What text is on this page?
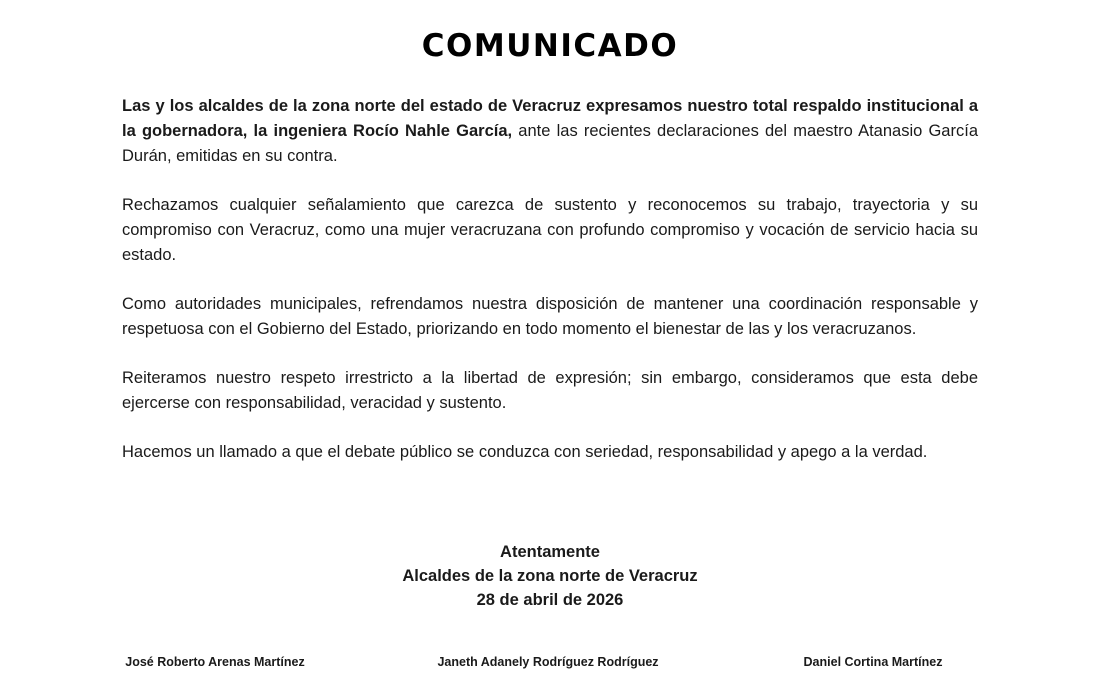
COMUNICADO

Las y los alcaldes de la zona norte del estado de Veracruz expresamos nuestro total respaldo institucional a la gobernadora, la ingeniera Rocío Nahle García, ante las recientes declaraciones del maestro Atanasio García Durán, emitidas en su contra.

Rechazamos cualquier señalamiento que carezca de sustento y reconocemos su trabajo, trayectoria y su compromiso con Veracruz, como una mujer veracruzana con profundo compromiso y vocación de servicio hacia su estado.

Como autoridades municipales, refrendamos nuestra disposición de mantener una coordinación responsable y respetuosa con el Gobierno del Estado, priorizando en todo momento el bienestar de las y los veracruzanos.

Reiteramos nuestro respeto irrestricto a la libertad de expresión; sin embargo, consideramos que esta debe ejercerse con responsabilidad, veracidad y sustento.

Hacemos un llamado a que el debate público se conduzca con seriedad, responsabilidad y apego a la verdad.

Atentamente
Alcaldes de la zona norte de Veracruz
28 de abril de 2026
José Roberto Arenas Martínez	Janeth Adanely Rodríguez Rodríguez	Daniel Cortina Martínez
